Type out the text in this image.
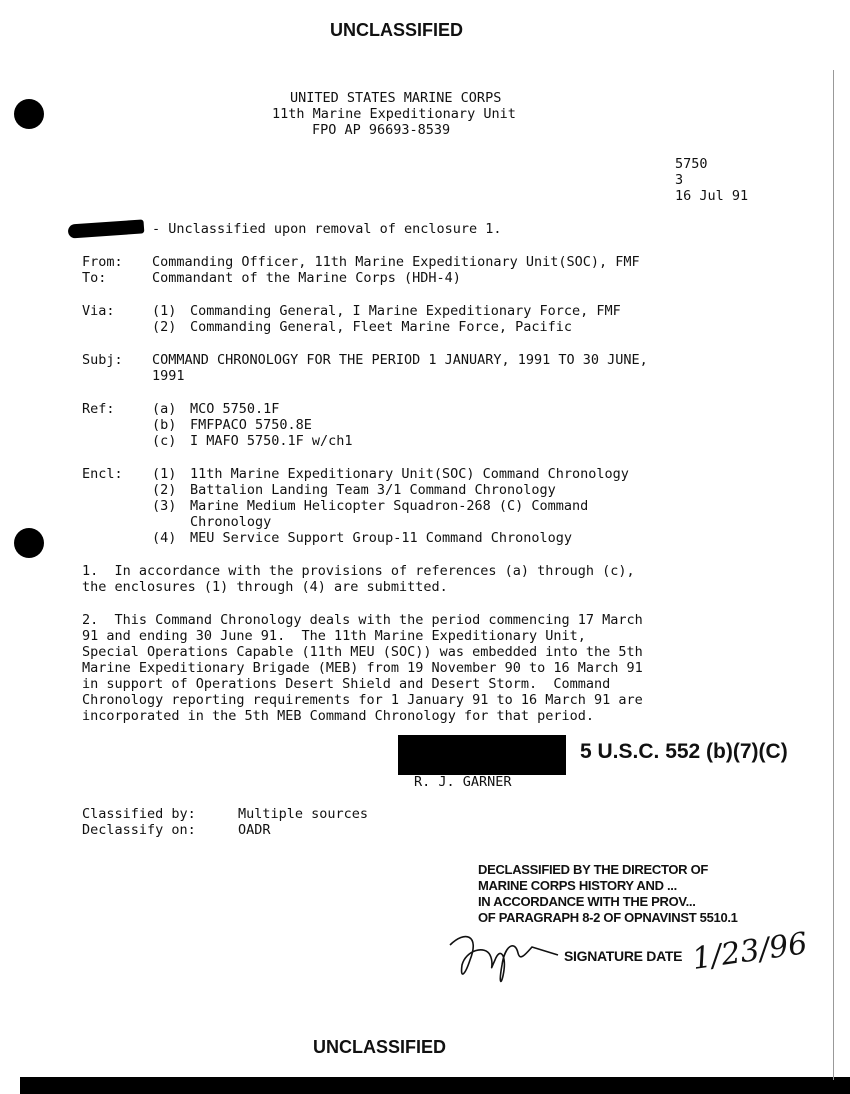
UNCLASSIFIED
UNITED STATES MARINE CORPS
11th Marine Expeditionary Unit
FPO AP 96693-8539
5750
3
16 Jul 91
- Unclassified upon removal of enclosure 1.
From:	Commanding Officer, 11th Marine Expeditionary Unit(SOC), FMF
To:	Commandant of the Marine Corps (HDH-4)
Via:	(1)	Commanding General, I Marine Expeditionary Force, FMF
(2)	Commanding General, Fleet Marine Force, Pacific
Subj:	COMMAND CHRONOLOGY FOR THE PERIOD 1 JANUARY, 1991 TO 30 JUNE,
1991
Ref:	(a)	MCO 5750.1F
(b)	FMFPACO 5750.8E
(c)	I MAFO 5750.1F w/ch1
Encl:	(1)	11th Marine Expeditionary Unit(SOC) Command Chronology
(2)	Battalion Landing Team 3/1 Command Chronology
(3)	Marine Medium Helicopter Squadron-268 (C) Command
Chronology
(4)	MEU Service Support Group-11 Command Chronology
1.  In accordance with the provisions of references (a) through (c),
the enclosures (1) through (4) are submitted.
2.  This Command Chronology deals with the period commencing 17 March
91 and ending 30 June 91.  The 11th Marine Expeditionary Unit,
Special Operations Capable (11th MEU (SOC)) was embedded into the 5th
Marine Expeditionary Brigade (MEB) from 19 November 90 to 16 March 91
in support of Operations Desert Shield and Desert Storm.  Command
Chronology reporting requirements for 1 January 91 to 16 March 91 are
incorporated in the 5th MEB Command Chronology for that period.
5 U.S.C. 552 (b)(7)(C)
R. J. GARNER
Classified by:	Multiple sources
Declassify on:	OADR
DECLASSIFIED BY THE DIRECTOR OF
MARINE CORPS HISTORY AND ...
IN ACCORDANCE WITH THE PROV...
OF PARAGRAPH 8-2 OF OPNAVINST 5510.1
SIGNATURE DATE 1/23/96
UNCLASSIFIED
